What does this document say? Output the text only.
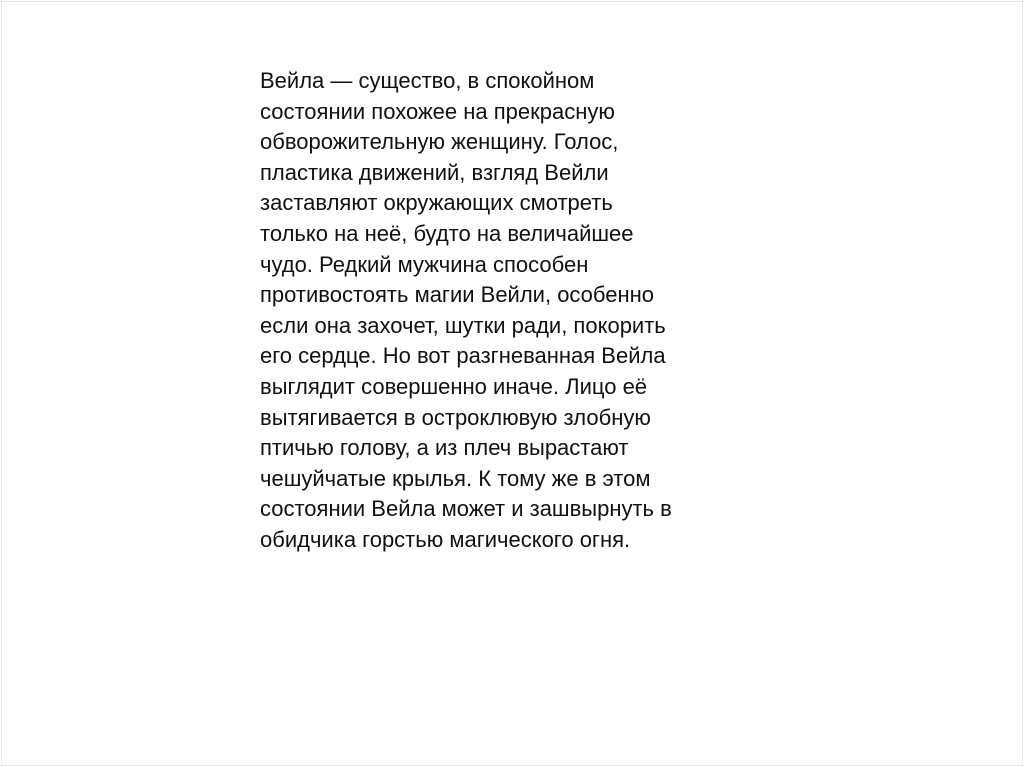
Вейла — существо, в спокойном
состоянии похожее на прекрасную
обворожительную женщину. Голос,
пластика движений, взгляд Вейли
заставляют окружающих смотреть
только на неё, будто на величайшее
чудо. Редкий мужчина способен
противостоять магии Вейли, особенно
если она захочет, шутки ради, покорить
его сердце. Но вот разгневанная Вейла
выглядит совершенно иначе. Лицо её
вытягивается в остроклювую злобную
птичью голову, а из плеч вырастают
чешуйчатые крылья. К тому же в этом
состоянии Вейла может и зашвырнуть в
обидчика горстью магического огня.
